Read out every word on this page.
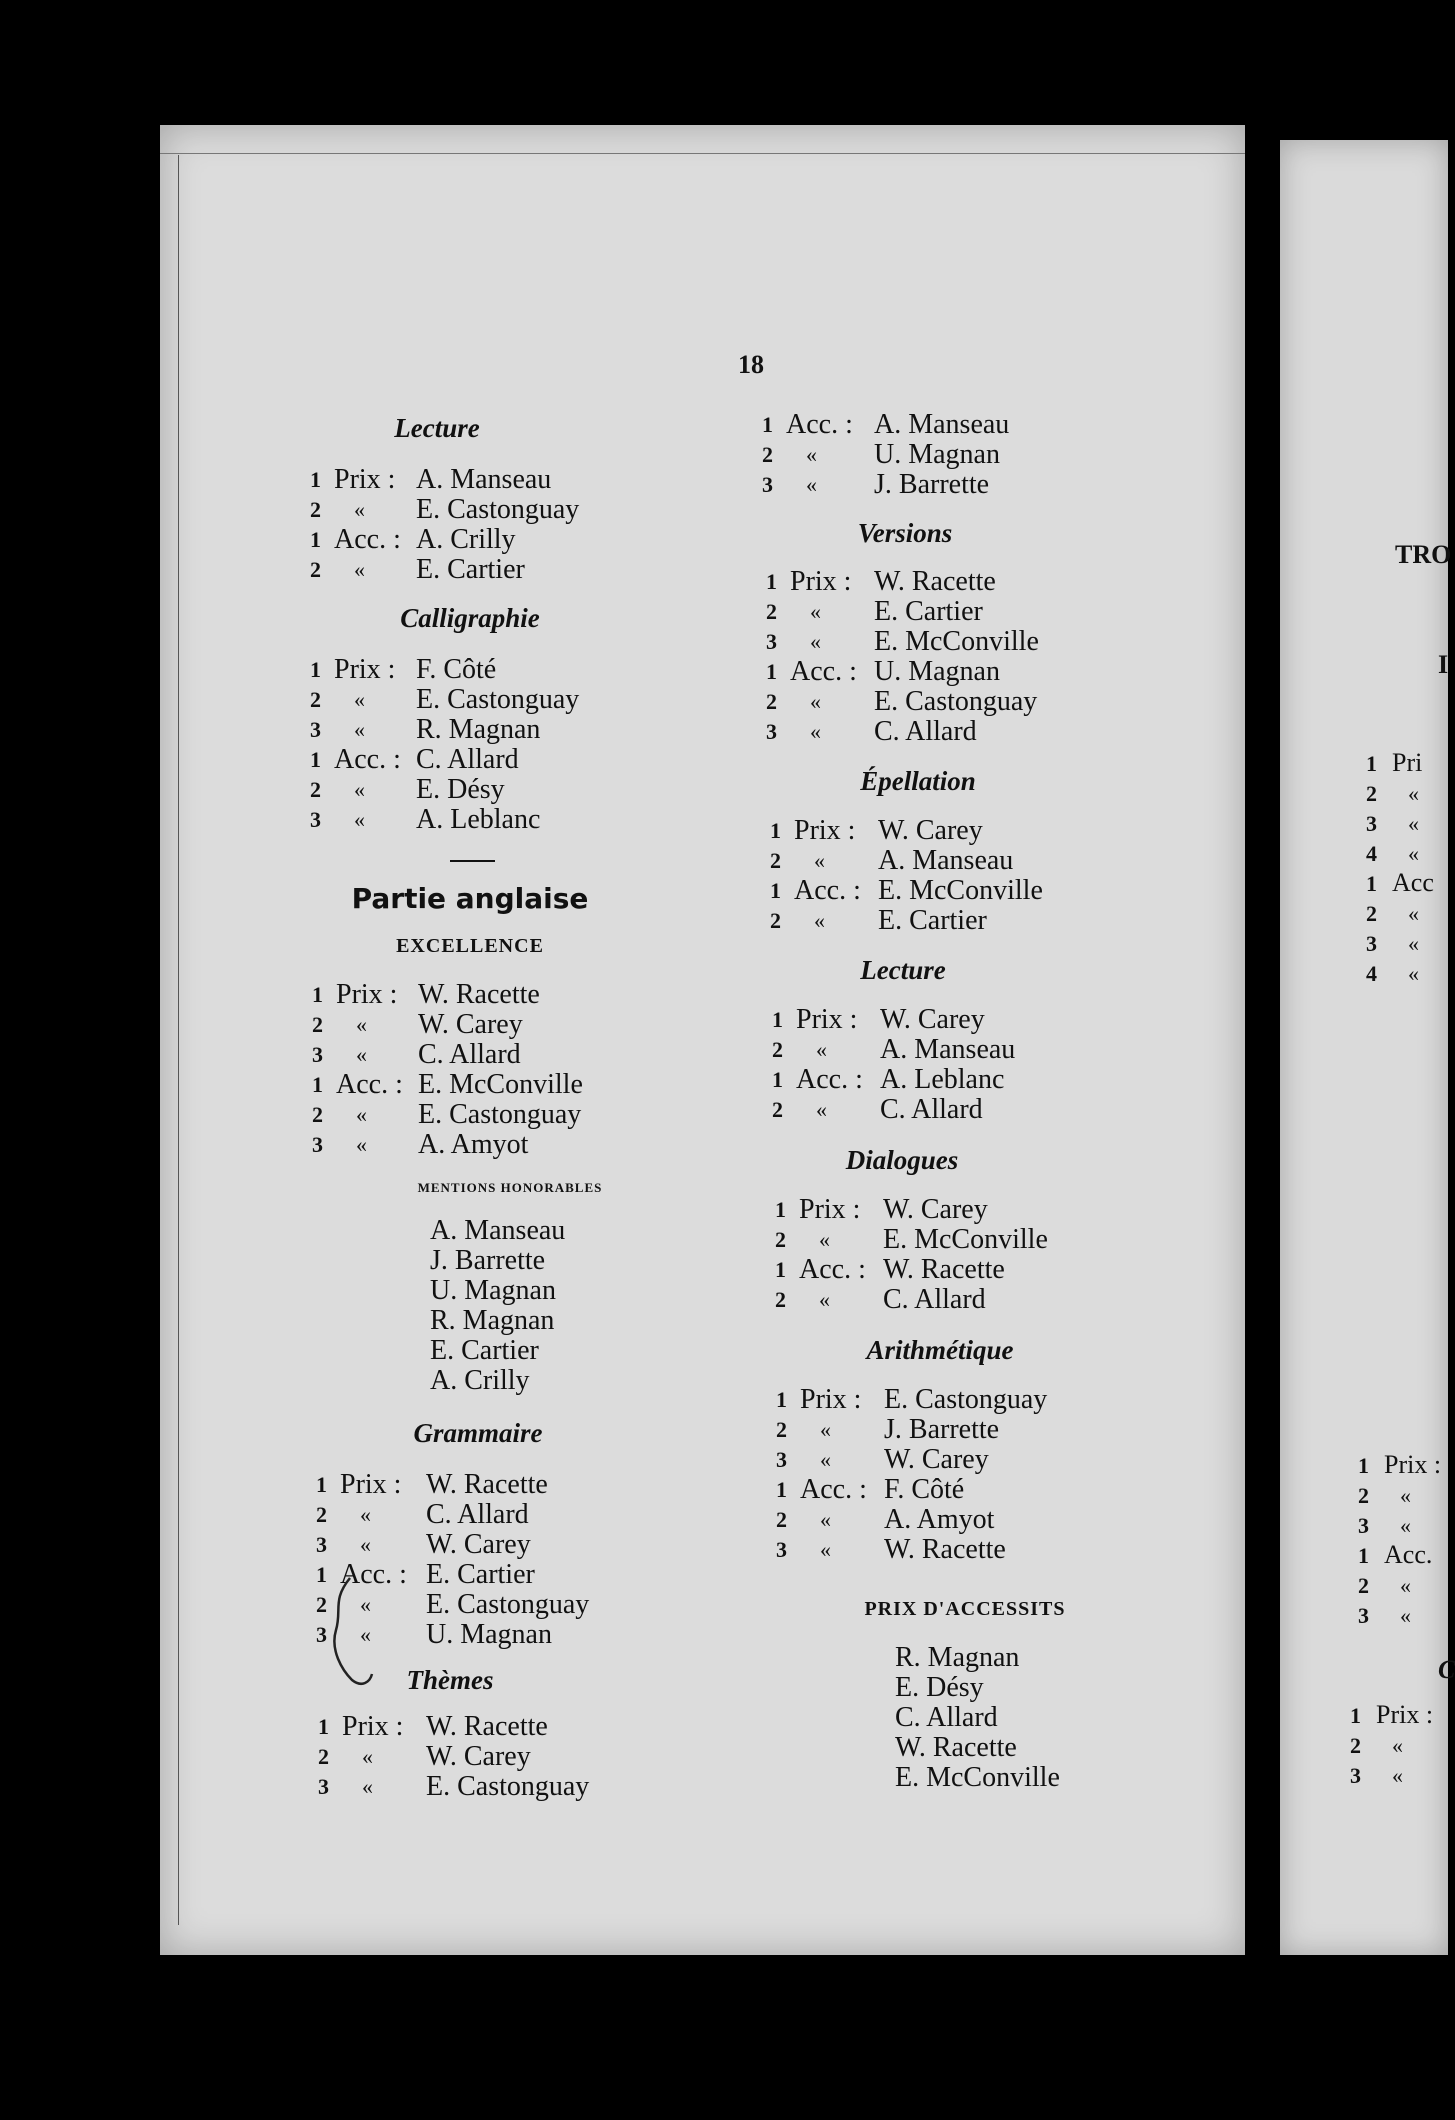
18
Lecture
1 Prix : A. Manseau
2	« E. Castonguay
1 Acc. : A. Crilly
2	« E. Cartier
Calligraphie
1 Prix : F. Côté
2	« E. Castonguay
3	« R. Magnan
1 Acc. : C. Allard
2	« E. Désy
3	« A. Leblanc
Partie anglaise
EXCELLENCE
1 Prix : W. Racette
2	« W. Carey
3	« C. Allard
1 Acc. : E. McConville
2	« E. Castonguay
3	« A. Amyot
MENTIONS HONORABLES
A. Manseau
J. Barrette
U. Magnan
R. Magnan
E. Cartier
A. Crilly
Grammaire
1 Prix : W. Racette
2	« C. Allard
3	« W. Carey
1 Acc. : E. Cartier
2	« E. Castonguay
3	« U. Magnan
Thèmes
1 Prix : W. Racette
2	« W. Carey
3	« E. Castonguay
1 Acc. : A. Manseau
2	« U. Magnan
3	« J. Barrette
Versions
1 Prix : W. Racette
2	« E. Cartier
3	« E. McConville
1 Acc. : U. Magnan
2	« E. Castonguay
3	« C. Allard
Épellation
1 Prix : W. Carey
2	« A. Manseau
1 Acc. : E. McConville
2	« E. Cartier
Lecture
1 Prix : W. Carey
2	« A. Manseau
1 Acc. : A. Leblanc
2	« C. Allard
Dialogues
1 Prix : W. Carey
2	« E. McConville
1 Acc. : W. Racette
2	« C. Allard
Arithmétique
1 Prix : E. Castonguay
2	« J. Barrette
3	« W. Carey
1 Acc. : F. Côté
2	« A. Amyot
3	« W. Racette
PRIX D'ACCESSITS
R. Magnan
E. Désy
C. Allard
W. Racette
E. McConville
TRO
I
1 Pri
2 «
3 «
4 «
1 Acc
2 «
3 «
4 «
1 Prix :
2 «
3 «
1 Acc.
2 «
3 «
C
1 Prix :
2 «
3 «
